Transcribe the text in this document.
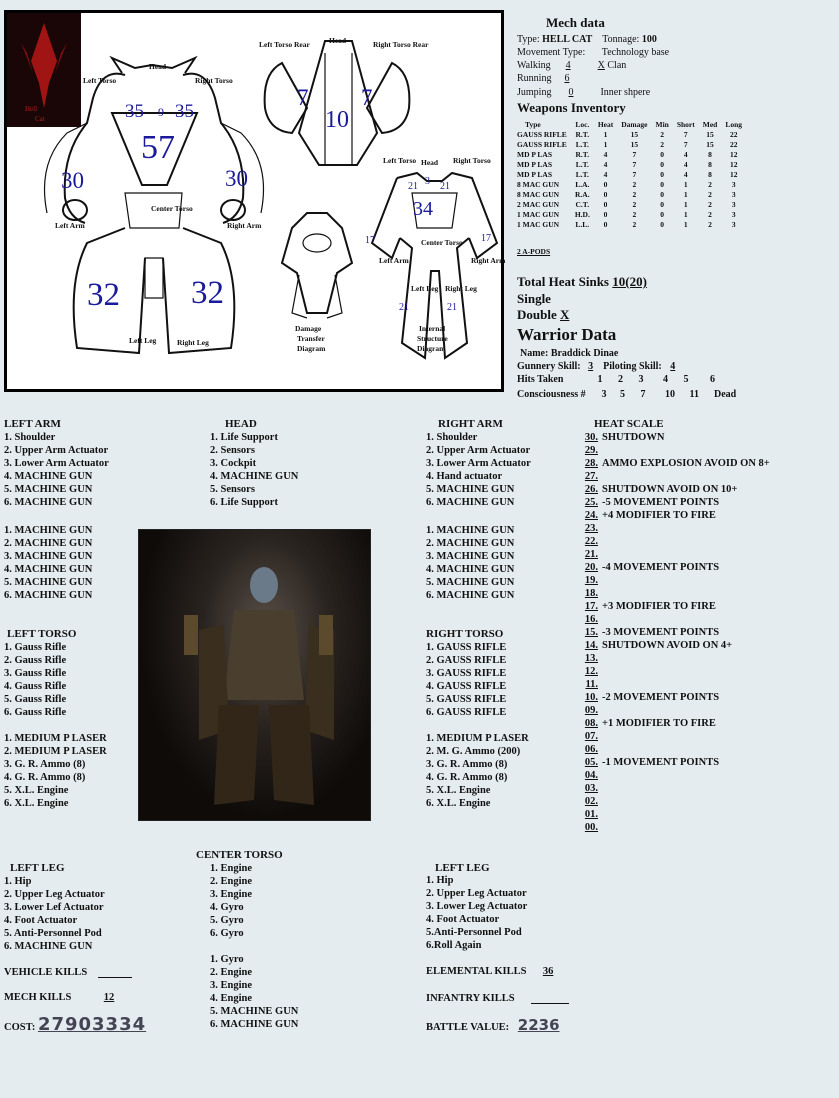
Hell
Cat
Left Torso
Head
Right Torso
Left Arm	Right Arm
Center Torso
Left Leg	Right Leg
Left Torso Rear	Head	Right Torso Rear
Damage
Transfer
Diagram
Left Torso Head Right Torso
Left Arm	Right Arm
Center Torso
Left Leg Right Leg
Internal
Structure
Diagram
9
35 35
57
30	30
32 32
7
10
7
3
21 21
34
17	17
21	21
Mech data
Type: HELL CAT Tonnage: 100
Movement Type: Technology base
Walking 4	X Clan
Running 6
Jumping 0	Inner shpere
Weapons Inventory
Type	Loc.	Heat	Damage	Min	Short	Med	Long
GAUSS RIFLE	R.T.	1	15	2	7	15	22
GAUSS RIFLE	L.T.	1	15	2	7	15	22
MD P LAS	R.T.	4	7	0	4	8	12
MD P LAS	L.T.	4	7	0	4	8	12
MD P LAS	L.T.	4	7	0	4	8	12
8 MAC GUN	L.A.	0	2	0	1	2	3
8 MAC GUN	R.A.	0	2	0	1	2	3
2 MAC GUN	C.T.	0	2	0	1	2	3
1 MAC GUN	H.D.	0	2	0	1	2	3
1 MAC GUN	L.L.	0	2	0	1	2	3
2 A-PODS
Total Heat Sinks 10(20)
Single
Double X
Warrior Data
Name: Braddick Dinae
Gunnery Skill: 3 Piloting Skill: 4
Hits Taken	1 2 3 4 5 6
Consciousness # 3 5 7 10 11 Dead
LEFT ARM
1. Shoulder
2. Upper Arm Actuator
3. Lower Arm Actuator
4. MACHINE GUN
5. MACHINE GUN
6. MACHINE GUN
1. MACHINE GUN
2. MACHINE GUN
3. MACHINE GUN
4. MACHINE GUN
5. MACHINE GUN
6. MACHINE GUN
HEAD
1. Life Support
2. Sensors
3. Cockpit
4. MACHINE GUN
5. Sensors
6. Life Support
RIGHT ARM
1. Shoulder
2. Upper Arm Actuator
3. Lower Arm Actuator
4. Hand actuator
5. MACHINE GUN
6. MACHINE GUN
1. MACHINE GUN
2. MACHINE GUN
3. MACHINE GUN
4. MACHINE GUN
5. MACHINE GUN
6. MACHINE GUN
LEFT TORSO
1. Gauss Rifle
2. Gauss Rifle
3. Gauss Rifle
4. Gauss Rifle
5. Gauss Rifle
6. Gauss Rifle
1. MEDIUM P LASER
2. MEDIUM P LASER
3. G. R. Ammo (8)
4. G. R. Ammo (8)
5. X.L. Engine
6. X.L. Engine
RIGHT TORSO
1. GAUSS RIFLE
2. GAUSS RIFLE
3. GAUSS RIFLE
4. GAUSS RIFLE
5. GAUSS RIFLE
6. GAUSS RIFLE
1. MEDIUM P LASER
2. M. G. Ammo (200)
3. G. R. Ammo (8)
4. G. R. Ammo (8)
5. X.L. Engine
6. X.L. Engine
LEFT LEG
1. Hip
2. Upper Leg Actuator
3. Lower Lef Actuator
4. Foot Actuator
5. Anti-Personnel Pod
6. MACHINE GUN
CENTER TORSO
1. Engine
2. Engine
3. Engine
4. Gyro
5. Gyro
6. Gyro
1. Gyro
2. Engine
3. Engine
4. Engine
5. MACHINE GUN
6. MACHINE GUN
LEFT LEG
1. Hip
2. Upper Leg Actuator
3. Lower Leg Actuator
4. Foot Actuator
5.Anti-Personnel Pod
6.Roll Again
HEAT SCALE
30. SHUTDOWN
29.
28. AMMO EXPLOSION AVOID ON 8+
27.
26. SHUTDOWN AVOID ON 10+
25. -5 MOVEMENT POINTS
24. +4 MODIFIER TO FIRE
23.
22.
21.
20. -4 MOVEMENT POINTS
19.
18.
17. +3 MODIFIER TO FIRE
16.
15. -3 MOVEMENT POINTS
14. SHUTDOWN AVOID ON 4+
13.
12.
11.
10. -2 MOVEMENT POINTS
09.
08. +1 MODIFIER TO FIRE
07.
06.
05. -1 MOVEMENT POINTS
04.
03.
02.
01.
00.
VEHICLE KILLS
MECH KILLS	12
COST: 27903334
ELEMENTAL KILLS 36
INFANTRY KILLS
BATTLE VALUE: 2236
